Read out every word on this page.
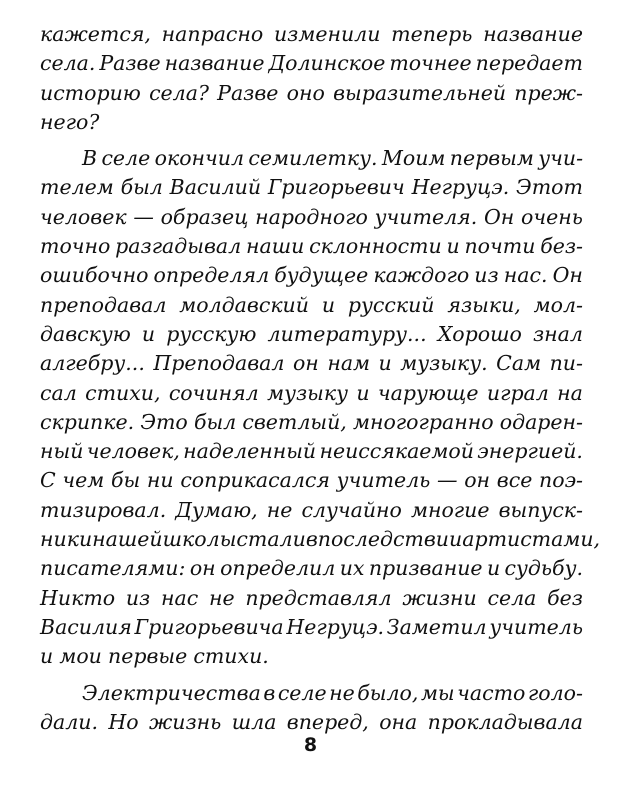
кажется, напрасно изменили теперь название
села. Разве название Долинское точнее передает
историю села? Разве оно выразительней преж-
него?
В селе окончил семилетку. Моим первым учи-
телем был Василий Григорьевич Негруцэ. Этот
человек — образец народного учителя. Он очень
точно разгадывал наши склонности и почти без-
ошибочно определял будущее каждого из нас. Он
преподавал молдавский и русский языки, мол-
давскую и русскую литературу... Хорошо знал
алгебру... Преподавал он нам и музыку. Сам пи-
сал стихи, сочинял музыку и чарующе играл на
скрипке. Это был светлый, многогранно одарен-
ный человек, наделенный неиссякаемой энергией.
С чем бы ни соприкасался учитель — он все поэ-
тизировал. Думаю, не случайно многие выпуск-
ники нашей школы стали впоследствии артистами,
писателями: он определил их призвание и судьбу.
Никто из нас не представлял жизни села без
Василия Григорьевича Негруцэ. Заметил учитель
и мои первые стихи.
Электричества в селе не было, мы часто голо-
дали. Но жизнь шла вперед, она прокладывала
8
